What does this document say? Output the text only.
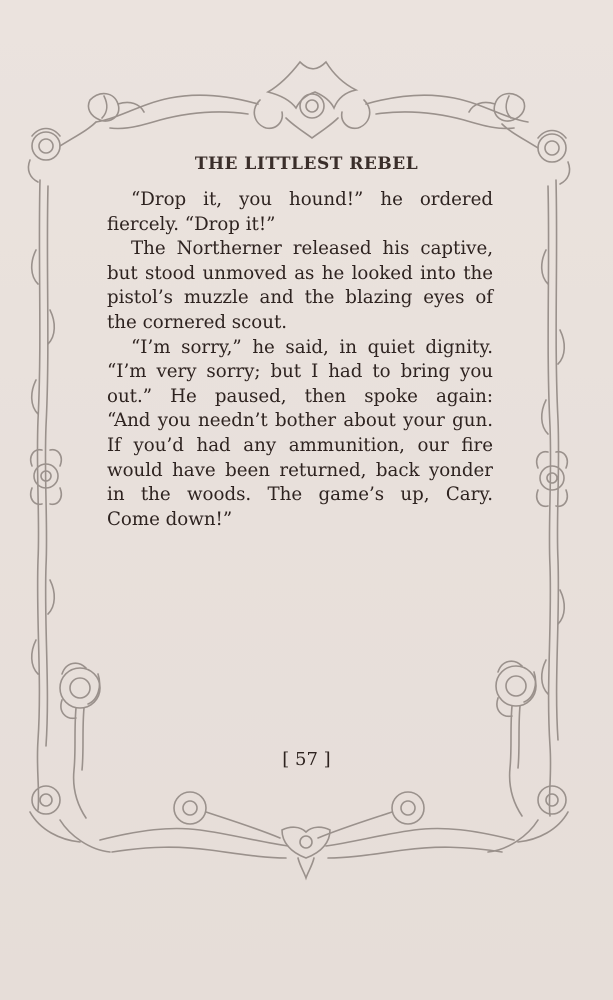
THE LITTLEST REBEL
“Drop it, you hound!” he ordered
fiercely. “Drop it!”
The Northerner released his captive,
but stood unmoved as he looked into the
pistol’s muzzle and the blazing eyes of
the cornered scout.
“I’m sorry,” he said, in quiet dignity.
“I’m very sorry; but I had to bring you
out.” He paused, then spoke again:
“And you needn’t bother about your gun.
If you’d had any ammunition, our fire
would have been returned, back yonder
in the woods. The game’s up, Cary.
Come down!”
[ 57 ]
